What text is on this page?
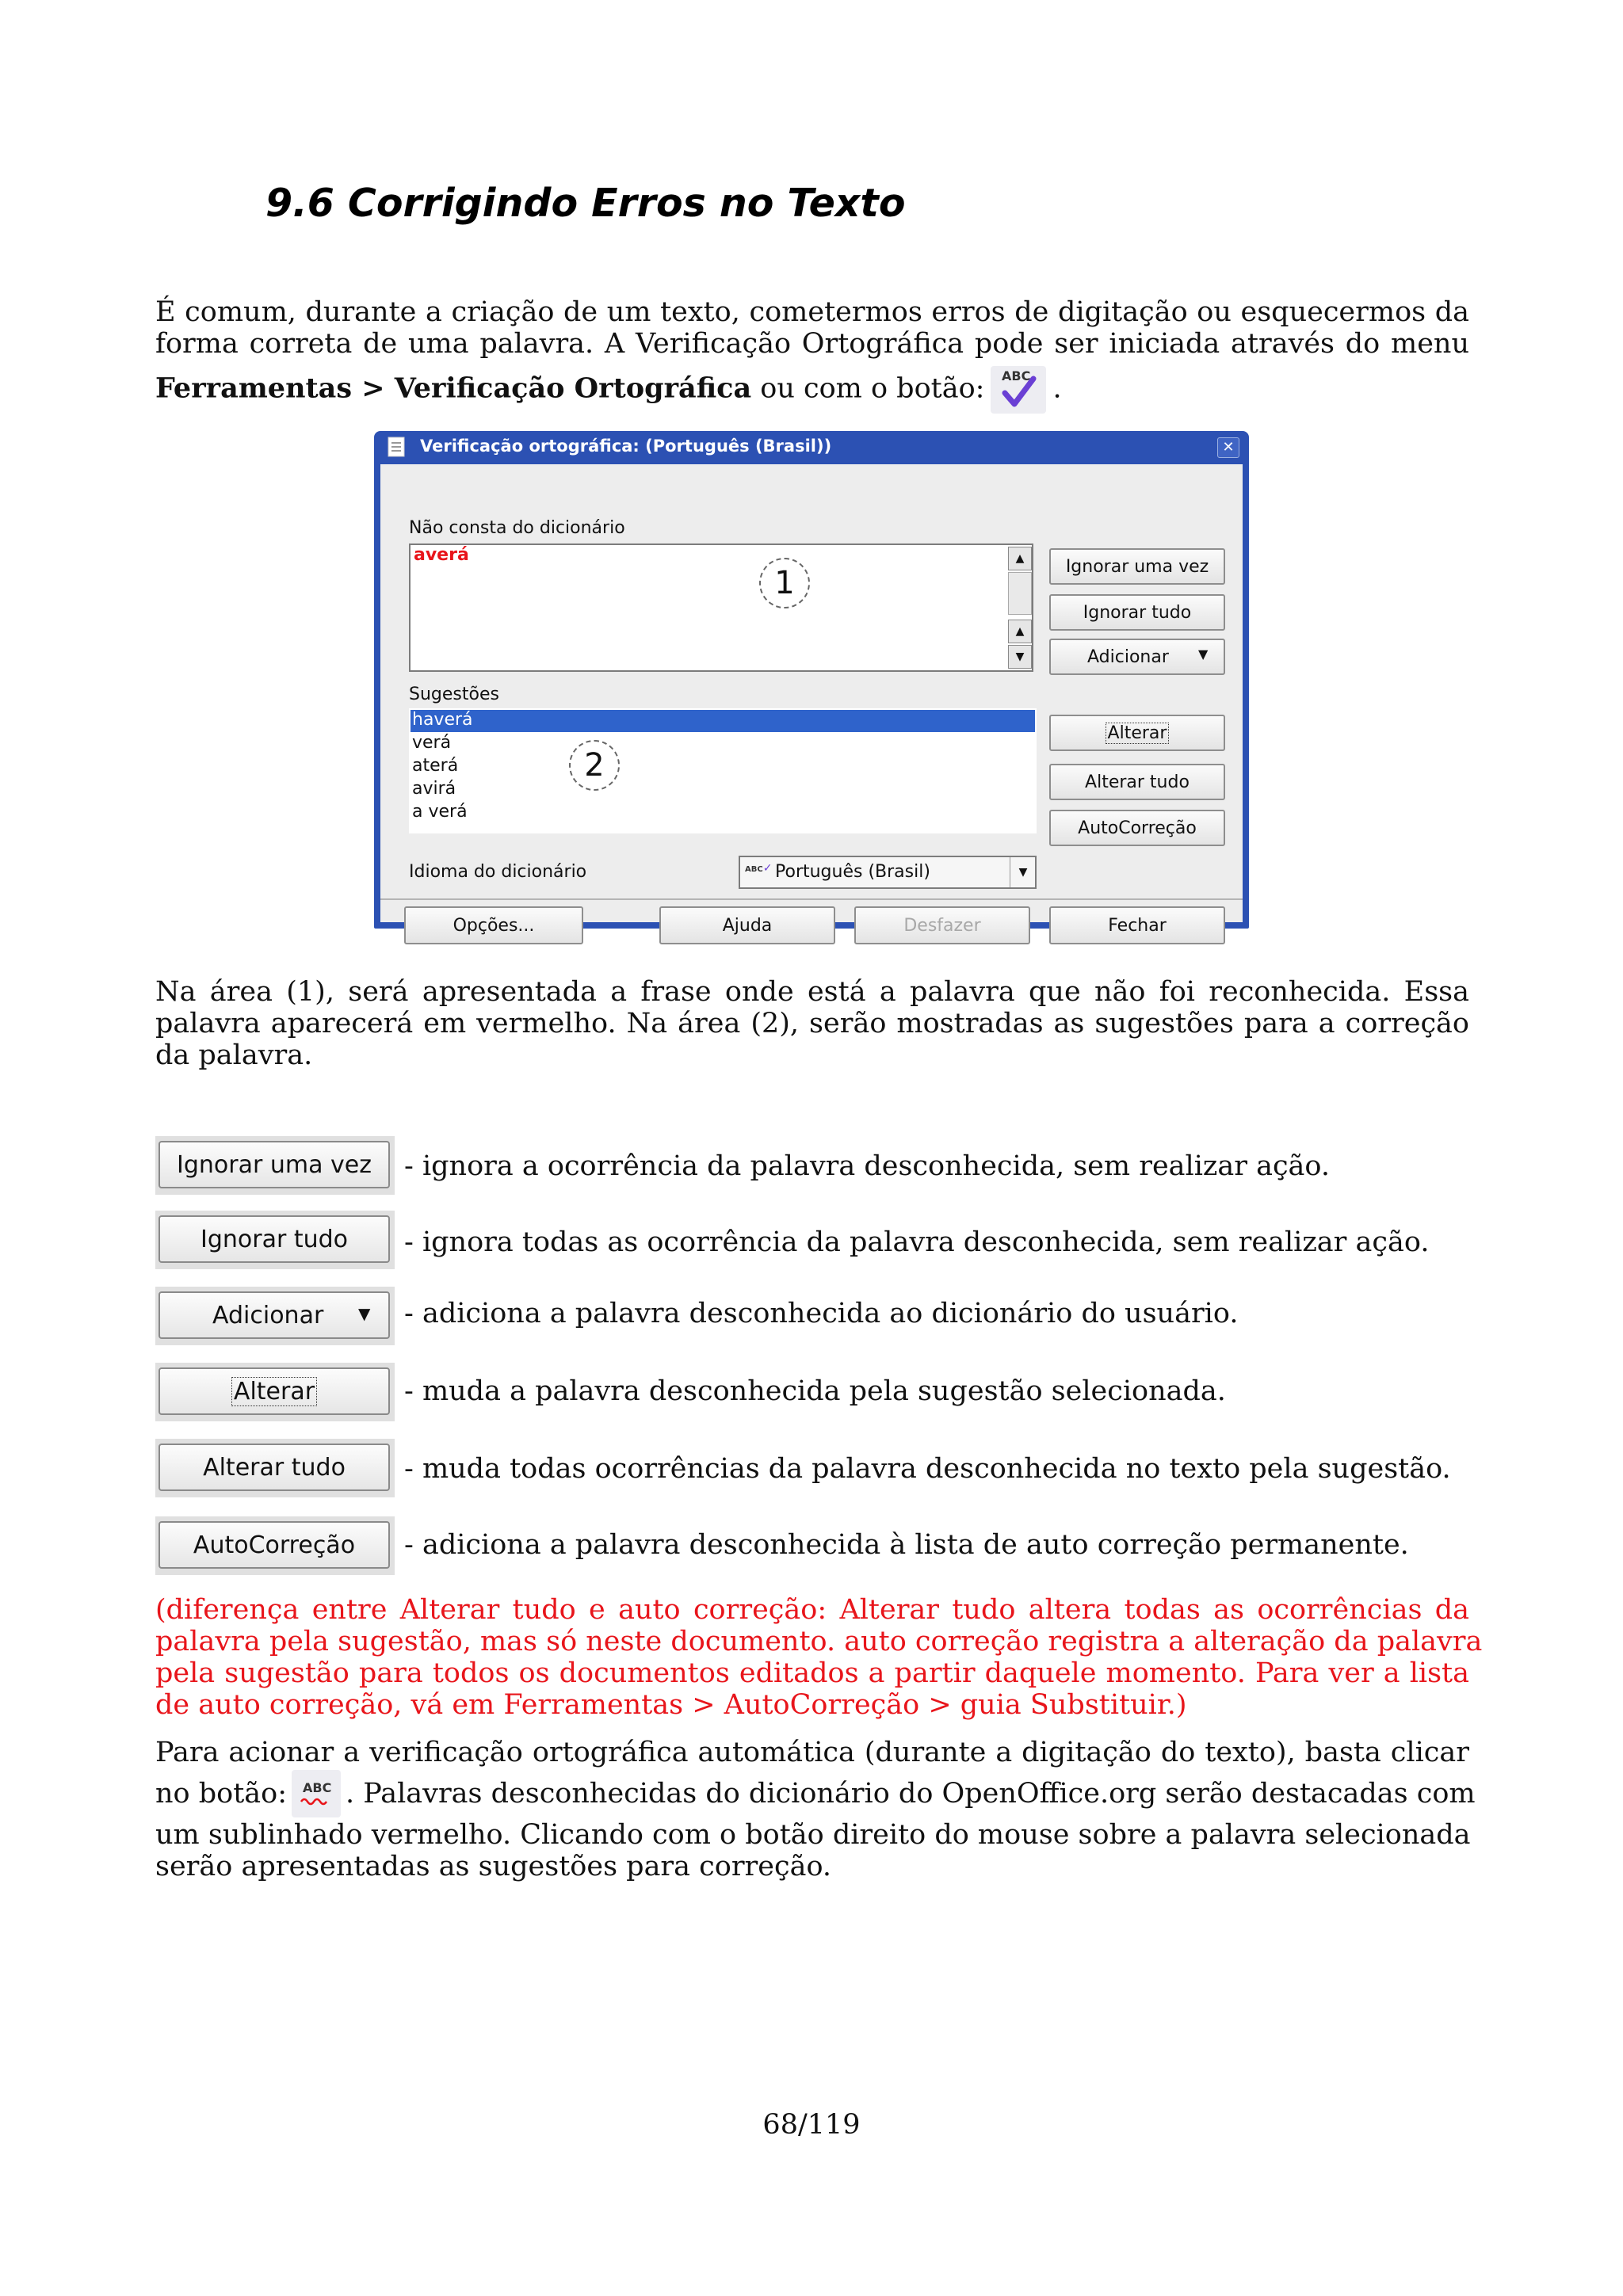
9.6 Corrigindo Erros no Texto
É comum, durante a criação de um texto, cometermos erros de digitação ou esquecermos da
forma correta de uma palavra. A Verificação Ortográfica pode ser iniciada através do menu
Ferramentas > Verificação Ortográfica ou com o botão: ABC .
Verificação ortográfica: (Português (Brasil))	✕
Não consta do dicionário
averá
1
▲
▲
▼
Ignorar uma vez
Ignorar tudo
Adicionar ▼
Sugestões
haverá
verá
aterá
avirá
a verá
2
Alterar
Alterar tudo
AutoCorreção
Idioma do dicionário	ABC✓ Português (Brasil)	▼
Opções...	Ajuda	Desfazer	Fechar
Na área (1), será apresentada a frase onde está a palavra que não foi reconhecida. Essa
palavra aparecerá em vermelho. Na área (2), serão mostradas as sugestões para a correção
da palavra.
Ignorar uma vez	- ignora a ocorrência da palavra desconhecida, sem realizar ação.
Ignorar tudo	- ignora todas as ocorrência da palavra desconhecida, sem realizar ação.
Adicionar ▼ - adiciona a palavra desconhecida ao dicionário do usuário.
Alterar	- muda a palavra desconhecida pela sugestão selecionada.
Alterar tudo	- muda todas ocorrências da palavra desconhecida no texto pela sugestão.
AutoCorreção	- adiciona a palavra desconhecida à lista de auto correção permanente.
(diferença entre Alterar tudo e auto correção: Alterar tudo altera todas as ocorrências da
palavra pela sugestão, mas só neste documento. auto correção registra a alteração da palavra
pela sugestão para todos os documentos editados a partir daquele momento. Para ver a lista
de auto correção, vá em Ferramentas > AutoCorreção > guia Substituir.)
Para acionar a verificação ortográfica automática (durante a digitação do texto), basta clicar
no botão: ABC . Palavras desconhecidas do dicionário do OpenOffice.org serão destacadas com
um sublinhado vermelho. Clicando com o botão direito do mouse sobre a palavra selecionada
serão apresentadas as sugestões para correção.
68/119
